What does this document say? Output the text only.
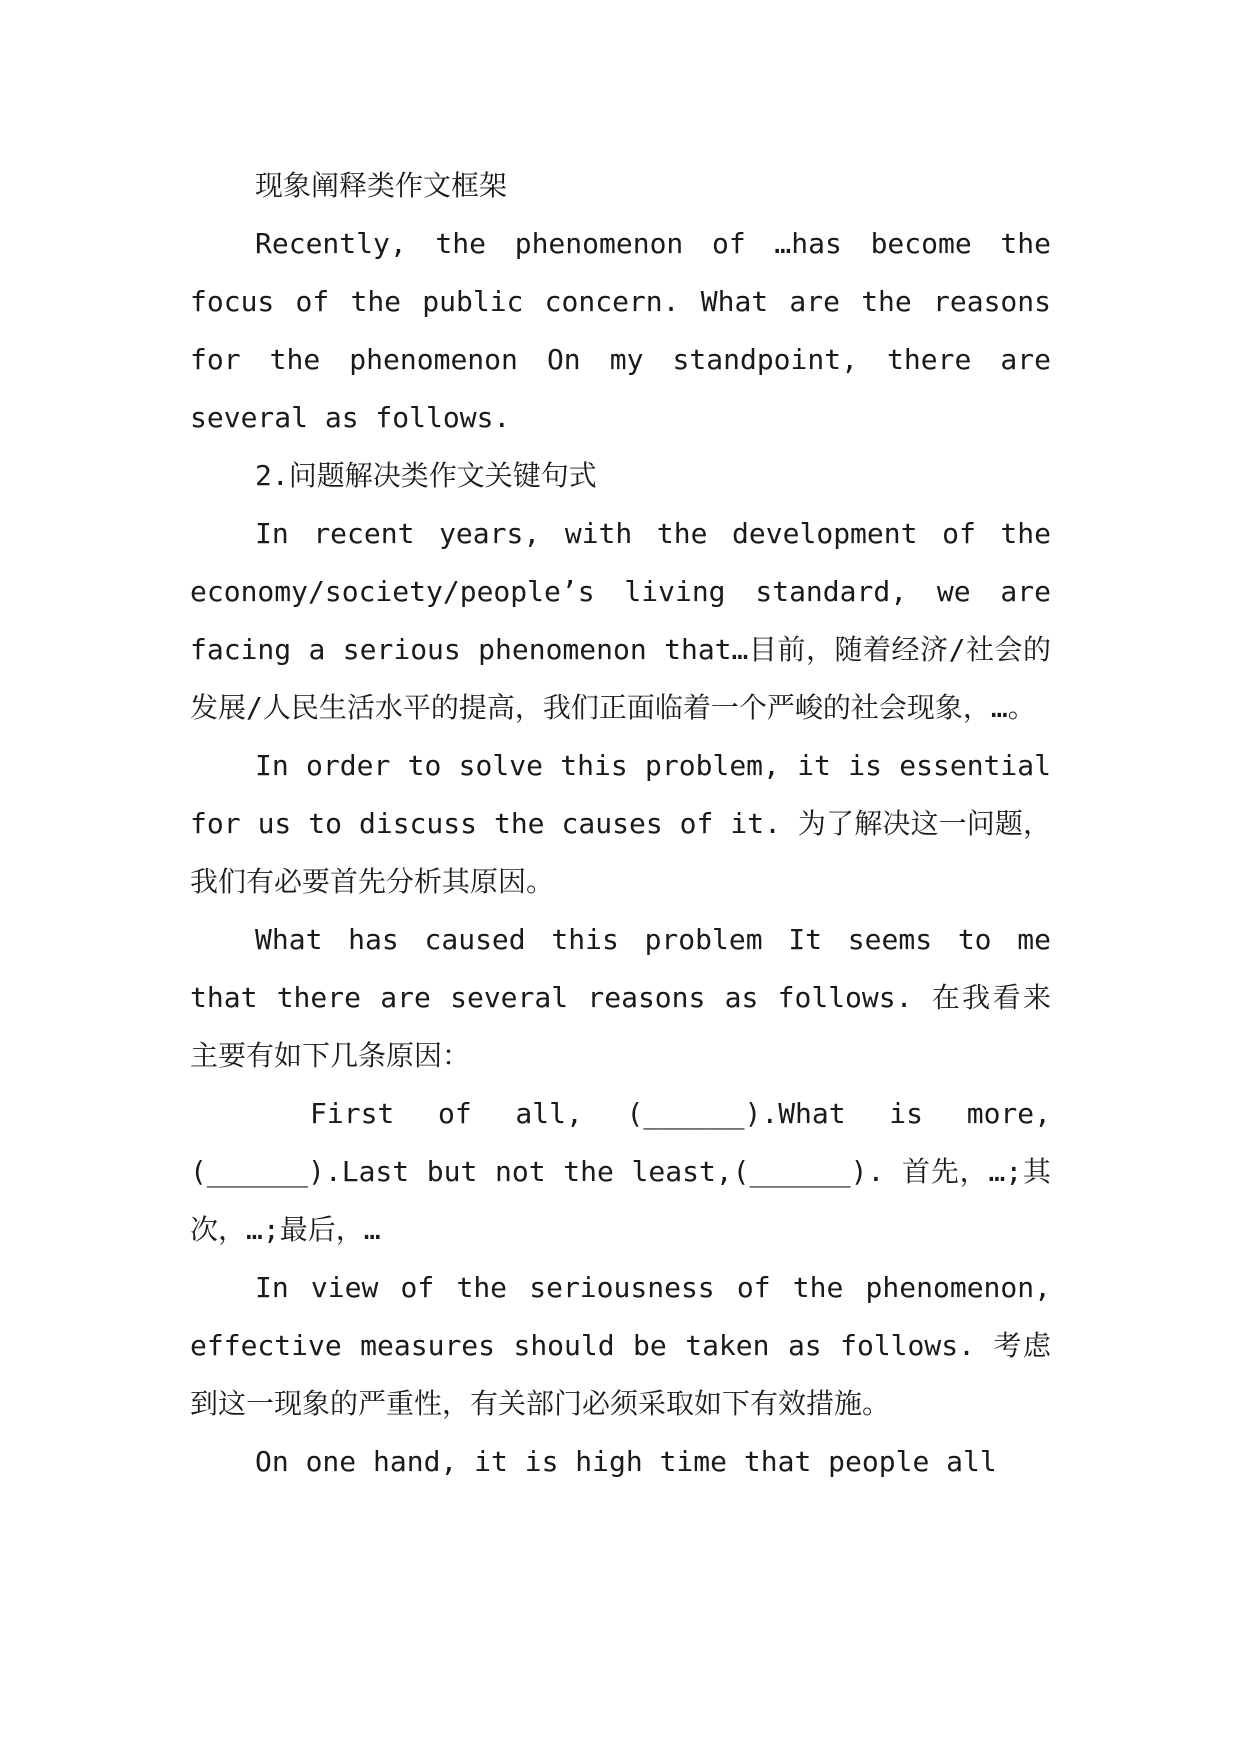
现象阐释类作文框架

Recently, the phenomenon of …has become the focus of the public concern. What are the reasons for the phenomenon On my standpoint, there are several as follows.

2.问题解决类作文关键句式

In recent years, with the development of the economy/society/people’s living standard, we are facing a serious phenomenon that…目前，随着经济/社会的发展/人民生活水平的提高，我们正面临着一个严峻的社会现象，…。

In order to solve this problem, it is essential for us to discuss the causes of it. 为了解决这一问题，我们有必要首先分析其原因。

What has caused this problem It seems to me that there are several reasons as follows. 在我看来主要有如下几条原因：

First of all, (______).What is more, (______).Last but not the least,(______). 首先，…;其次，…;最后，…

In view of the seriousness of the phenomenon, effective measures should be taken as follows. 考虑到这一现象的严重性，有关部门必须采取如下有效措施。

On one hand, it is high time that people all
